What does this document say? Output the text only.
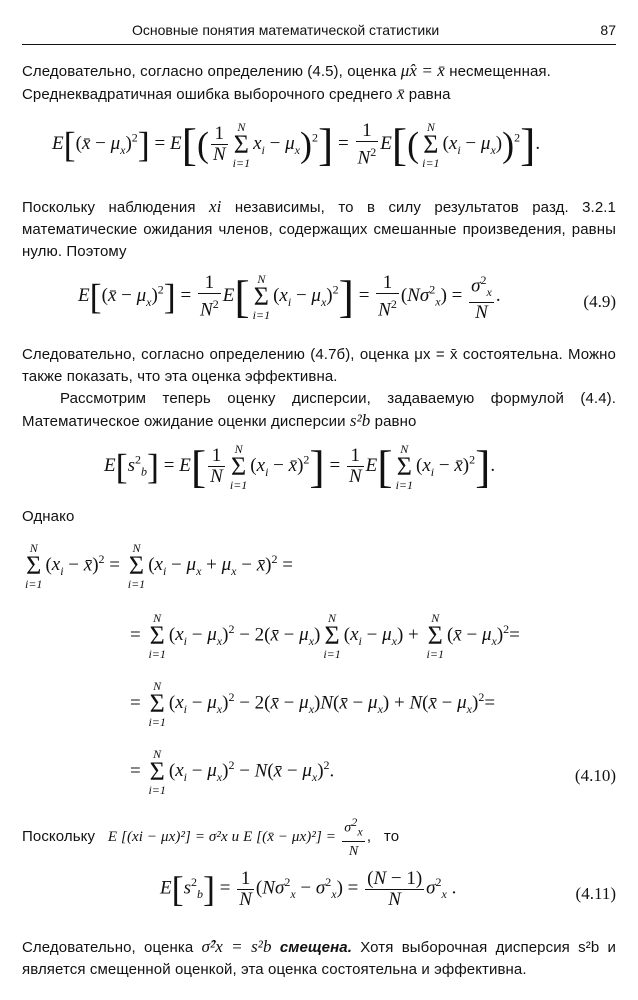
Основные понятия математической статистики	87
Следовательно, согласно определению (4.5), оценка μ̂x = x̄ несмещенная.
Среднеквадратичная ошибка выборочного среднего x̄ равна
E[(x̄ − $\mu_x)^2] = E[( \frac{1}{N}$ N
Σ
i=1
$x_i - \mu_x)^2] = \frac{1}{N^2} E$[( N
Σ
i=1
$(x_i - \mu_x))^2$].
Поскольку наблюдения xi независимы, то в силу результатов разд. 3.2.1 математические ожидания членов, содержащих смешанные произведения, равны нулю. Поэтому
E[(x̄ − $\mu_x)^2] = \frac{1}{N^2} E$[ N
Σ
i=1
$(x_i - \mu_x)^2] = \frac{1}{N^2} (N\sigma^2_x) = \frac{\sigma^2_x}{N}$ .	(4.9)
Следовательно, согласно определению (4.7б), оценка μx = x̄ состоятельна. Можно также показать, что эта оценка эффективна.
Рассмотрим теперь оценку дисперсии, задаваемую формулой (4.4). Математическое ожидание оценки дисперсии s²b равно
$E[s^2_b] = E[ \frac{1}{N}$ N
Σ
i=1
($x_i$ − x̄)$^2$] = $\frac{1}{N} E$[ N
Σ
i=1
($x_i$ − x̄)$^2$].
Однако
N
Σ
i=1
($x_i$ − x̄)$^2$ =
N
Σ
i=1
($x_i - \mu_x + \mu_x$ − x̄)$^2$ =
=
N
Σ
i=1
$(x_i - \mu_x)^2$ − 2(x̄ − $\mu_x$)
N
Σ
i=1
$(x_i - \mu_x)$ +
N
Σ
i=1
(x̄ − $\mu_x)^2=$
=
N
Σ
i=1
$(x_i - \mu_x)^2$ − 2(x̄ − $\mu_x)N(x̄ - \mu_x)$ + N(x̄ − $\mu_x)^2=$
=
N
Σ
i=1
$(x_i - \mu_x)^2$ − N(x̄ − $\mu_x)^2$.	(4.10)
Поскольку E [(xi − μx)²] = σ²x и E [(x̄ − $\mu x)^2] = \frac{\sigma^2_x}{N}$ ,   то
$E[s^2_b] = \frac{1}{N} (N\sigma^2_x - \sigma^2_x) = \frac{(N - 1)}{N} \sigma^2_x$ .	(4.11)
Следовательно, оценка σ̂²x = s²b смещена. Хотя выборочная дисперсия s²b и является смещенной оценкой, эта оценка состоятельна и эффективна.
